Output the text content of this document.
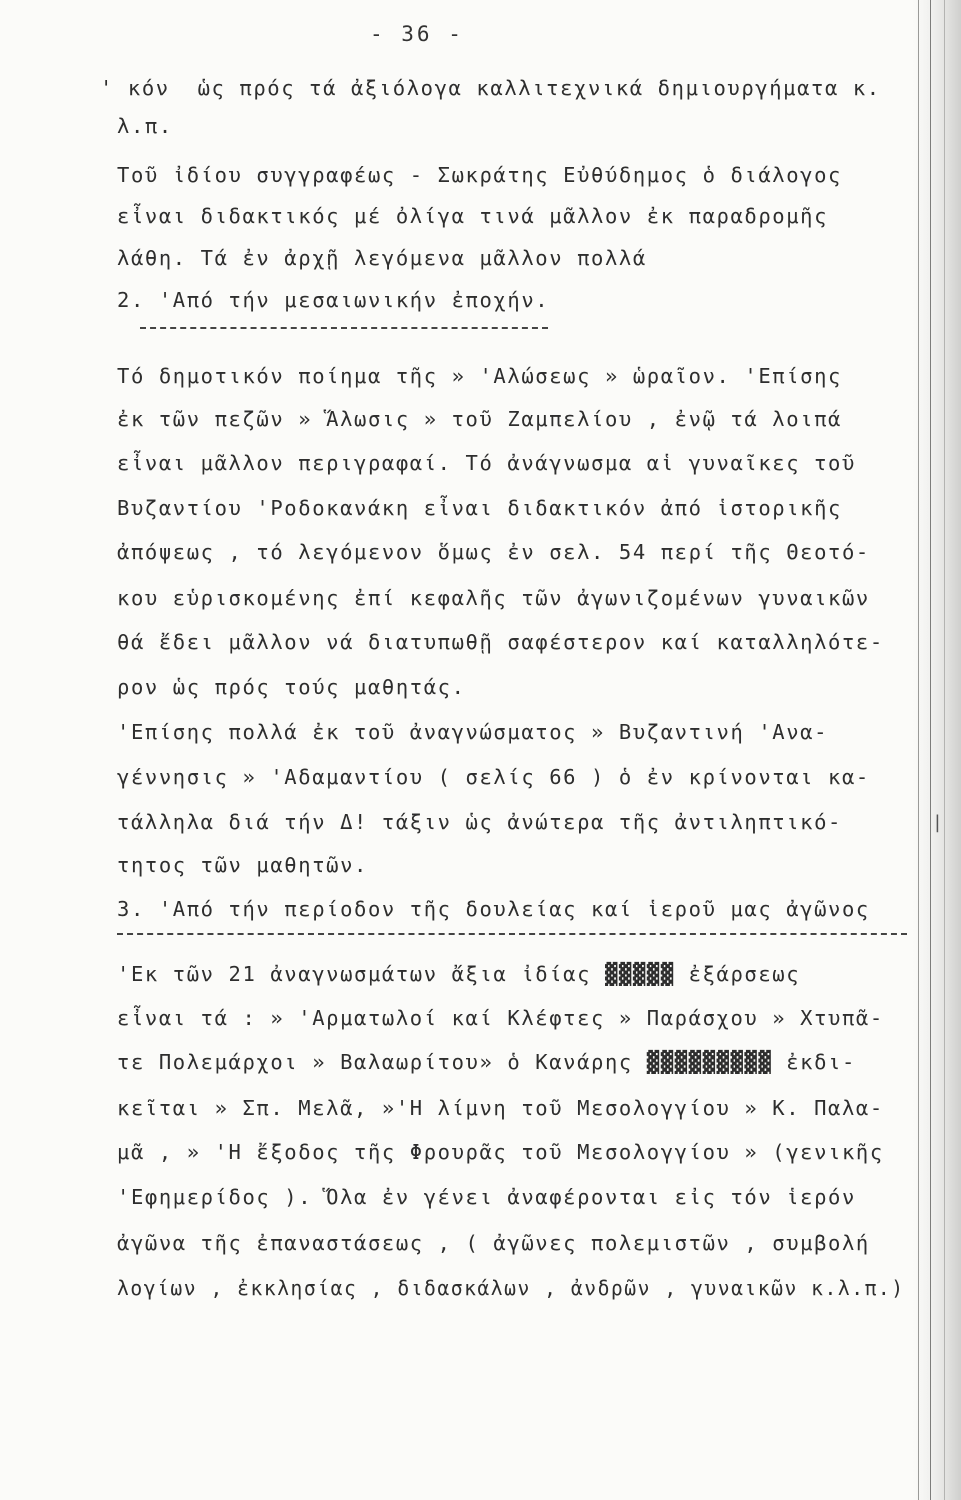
- 36 -
' κόν  ὡς πρός τά ἀξιόλογα καλλιτεχνικά δημιουργήματα κ.
λ.π.
Τοῦ ἰδίου συγγραφέως - Σωκράτης Εὐθύδημος ὁ διάλογος
εἶναι διδακτικός μέ ὀλίγα τινά μᾶλλον ἐκ παραδρομῆς
λάθη. Τά ἐν ἀρχῇ λεγόμενα μᾶλλον πολλά
2. 'Από τήν μεσαιωνικήν ἐποχήν.
Τό δημοτικόν ποίημα τῆς » 'Αλώσεως » ὡραῖον. 'Επίσης
ἐκ τῶν πεζῶν » Ἅλωσις » τοῦ Ζαμπελίου , ἐνῷ τά λοιπά
εἶναι μᾶλλον περιγραφαί. Τό ἀνάγνωσμα αἱ γυναῖκες τοῦ
Βυζαντίου 'Ροδοκανάκη εἶναι διδακτικόν ἀπό ἱστορικῆς
ἀπόψεως , τό λεγόμενον ὅμως ἐν σελ. 54 περί τῆς Θεοτό-
κου εὑρισκομένης ἐπί κεφαλῆς τῶν ἀγωνιζομένων γυναικῶν
θά ἔδει μᾶλλον νά διατυπωθῇ σαφέστερον καί καταλληλότε-
ρον ὡς πρός τούς μαθητάς.
'Επίσης πολλά ἐκ τοῦ ἀναγνώσματος » Βυζαντινή 'Ανα-
γέννησις » 'Αδαμαντίου ( σελίς 66 ) ὁ ἐν κρίνονται κα-
τάλληλα διά τήν Δ! τάξιν ὡς ἀνώτερα τῆς ἀντιληπτικό-
τητος τῶν μαθητῶν.
|
3. 'Από τήν περίοδον τῆς δουλείας καί ἱεροῦ μας ἀγῶνος
'Εκ τῶν 21 ἀναγνωσμάτων ἄξια ἰδίας ▓▓▓▓▓ ἐξάρσεως
εἶναι τά : » 'Αρματωλοί καί Κλέφτες » Παράσχου » Χτυπᾶ-
τε Πολεμάρχοι » Βαλαωρίτου» ὁ Κανάρης ▓▓▓▓▓▓▓▓▓ ἐκδι-
κεῖται » Σπ. Μελᾶ, »'Η λίμνη τοῦ Μεσολογγίου » Κ. Παλα-
μᾶ , » 'Η ἔξοδος τῆς Φρουρᾶς τοῦ Μεσολογγίου » (γενικῆς
'Εφημερίδος ). Ὅλα ἐν γένει ἀναφέρονται εἰς τόν ἱερόν
ἀγῶνα τῆς ἐπαναστάσεως , ( ἀγῶνες πολεμιστῶν , συμβολή
λογίων , ἐκκλησίας , διδασκάλων , ἀνδρῶν , γυναικῶν κ.λ.π.)
